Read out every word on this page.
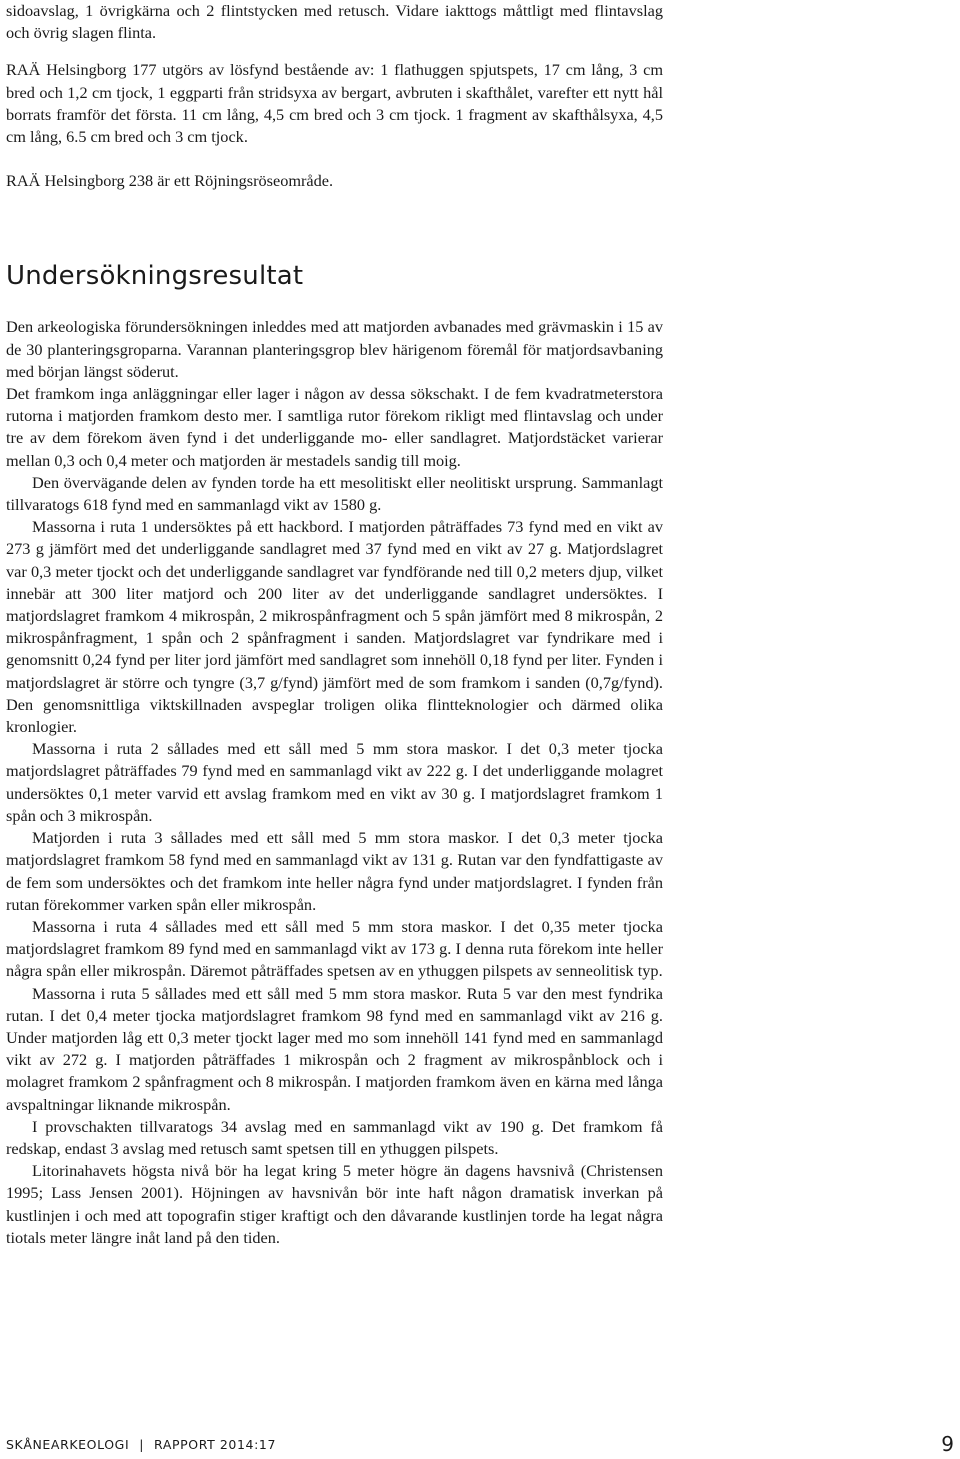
sidoavslag, 1 övrigkärna och 2 flintstycken med retusch. Vidare iakttogs måttligt med flintavslag och övrig slagen flinta.

RAÄ Helsingborg 177 utgörs av lösfynd bestående av: 1 flathuggen spjutspets, 17 cm lång, 3 cm bred och 1,2 cm tjock, 1 eggparti från stridsyxa av bergart, avbruten i skafthålet, varefter ett nytt hål borrats framför det första. 11 cm lång, 4,5 cm bred och 3 cm tjock. 1 fragment av skafthålsyxa, 4,5 cm lång, 6.5 cm bred och 3 cm tjock.

RAÄ Helsingborg 238 är ett Röjningsröseområde.

Undersökningsresultat

Den arkeologiska förundersökningen inleddes med att matjorden avbanades med grävmaskin i 15 av de 30 planteringsgroparna. Varannan planteringsgrop blev härigenom föremål för matjordsavbaning med början längst söderut.

Det framkom inga anläggningar eller lager i någon av dessa sökschakt. I de fem kvadratmeterstora rutorna i matjorden framkom desto mer. I samtliga rutor förekom rikligt med flintavslag och under tre av dem förekom även fynd i det underliggande mo- eller sandlagret. Matjordstäcket varierar mellan 0,3 och 0,4 meter och matjorden är mestadels sandig till moig.

Den övervägande delen av fynden torde ha ett mesolitiskt eller neolitiskt ursprung. Sammanlagt tillvaratogs 618 fynd med en sammanlagd vikt av 1580 g.

Massorna i ruta 1 undersöktes på ett hackbord. I matjorden påträffades 73 fynd med en vikt av 273 g jämfört med det underliggande sandlagret med 37 fynd med en vikt av 27 g. Matjordslagret var 0,3 meter tjockt och det underliggande sandlagret var fyndförande ned till 0,2 meters djup, vilket innebär att 300 liter matjord och 200 liter av det underliggande sandlagret undersöktes. I matjordslagret framkom 4 mikrospån, 2 mikrospånfragment och 5 spån jämfört med 8 mikrospån, 2 mikrospånfragment, 1 spån och 2 spånfragment i sanden. Matjordslagret var fyndrikare med i genomsnitt 0,24 fynd per liter jord jämfört med sandlagret som innehöll 0,18 fynd per liter. Fynden i matjordslagret är större och tyngre (3,7 g/fynd) jämfört med de som framkom i sanden (0,7g/fynd). Den genomsnittliga viktskillnaden avspeglar troligen olika flintteknologier och därmed olika kronlogier.

Massorna i ruta 2 sållades med ett såll med 5 mm stora maskor. I det 0,3 meter tjocka matjordslagret påträffades 79 fynd med en sammanlagd vikt av 222 g. I det underliggande molagret undersöktes 0,1 meter varvid ett avslag framkom med en vikt av 30 g. I matjordslagret framkom 1 spån och 3 mikrospån.

Matjorden i ruta 3 sållades med ett såll med 5 mm stora maskor. I det 0,3 meter tjocka matjordslagret framkom 58 fynd med en sammanlagd vikt av 131 g. Rutan var den fyndfattigaste av de fem som undersöktes och det framkom inte heller några fynd under matjordslagret. I fynden från rutan förekommer varken spån eller mikrospån.

Massorna i ruta 4 sållades med ett såll med 5 mm stora maskor. I det 0,35 meter tjocka matjordslagret framkom 89 fynd med en sammanlagd vikt av 173 g. I denna ruta förekom inte heller några spån eller mikrospån. Däremot påträffades spetsen av en ythuggen pilspets av senneolitisk typ.

Massorna i ruta 5 sållades med ett såll med 5 mm stora maskor. Ruta 5 var den mest fyndrika rutan. I det 0,4 meter tjocka matjordslagret framkom 98 fynd med en sammanlagd vikt av 216 g. Under matjorden låg ett 0,3 meter tjockt lager med mo som innehöll 141 fynd med en sammanlagd vikt av 272 g. I matjorden påträffades 1 mikrospån och 2 fragment av mikrospånblock och i molagret framkom 2 spånfragment och 8 mikrospån. I matjorden framkom även en kärna med långa avspaltningar liknande mikrospån.

I provschakten tillvaratogs 34 avslag med en sammanlagd vikt av 190 g. Det framkom få redskap, endast 3 avslag med retusch samt spetsen till en ythuggen pilspets.

Litorinahavets högsta nivå bör ha legat kring 5 meter högre än dagens havsnivå (Christensen 1995; Lass Jensen 2001). Höjningen av havsnivån bör inte haft någon dramatisk inverkan på kustlinjen i och med att topografin stiger kraftigt och den dåvarande kustlinjen torde ha legat några tiotals meter längre inåt land på den tiden.

SKÅNEARKEOLOGI | RAPPORT 2014:17	9
